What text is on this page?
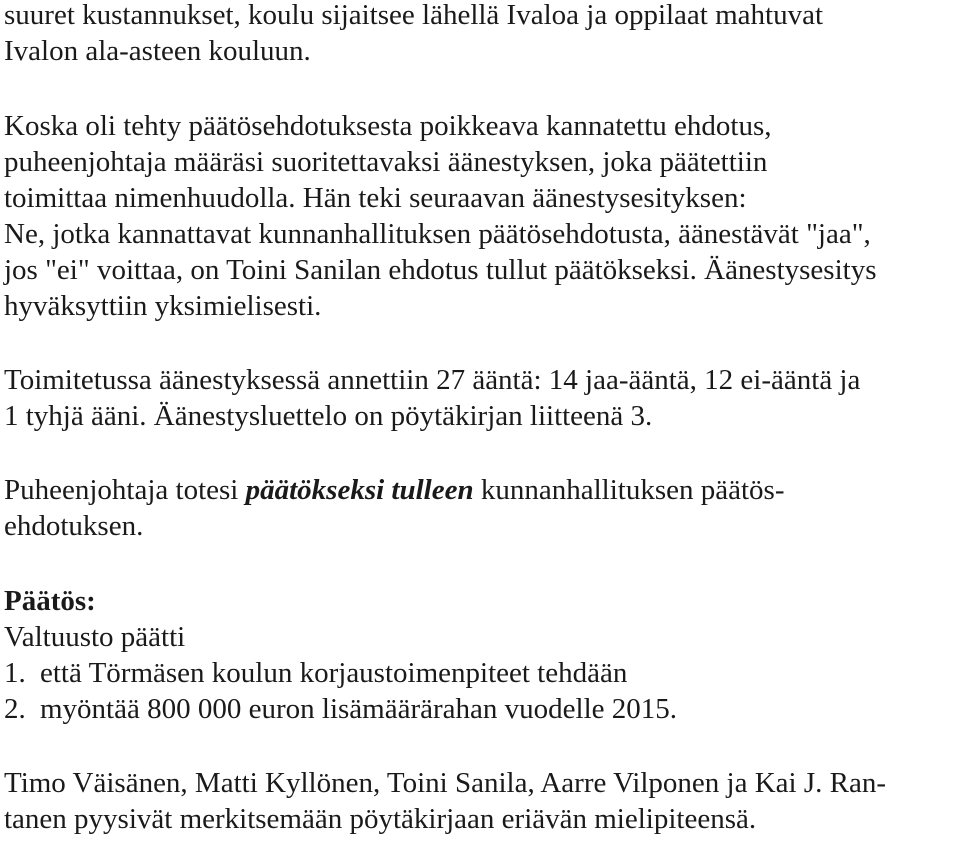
suuret kustannukset, koulu sijaitsee lähellä Ivaloa ja oppilaat mahtuvat
Ivalon ala-asteen kouluun.
Koska oli tehty päätösehdotuksesta poikkeava kannatettu ehdotus,
puheenjohtaja määräsi suoritettavaksi äänestyksen, joka päätettiin
toimittaa nimenhuudolla. Hän teki seuraavan äänestysesityksen:
Ne, jotka kannattavat kunnanhallituksen päätösehdotusta, äänestävät "jaa",
jos "ei" voittaa, on Toini Sanilan ehdotus tullut päätökseksi. Äänestysesitys
hyväksyttiin yksimielisesti.
Toimitetussa äänestyksessä annettiin 27 ääntä: 14 jaa-ääntä, 12 ei-ääntä ja
1 tyhjä ääni. Äänestysluettelo on pöytäkirjan liitteenä 3.
Puheenjohtaja totesi päätökseksi tulleen kunnanhallituksen päätös-
ehdotuksen.
Päätös:
Valtuusto päätti
1. että Törmäsen koulun korjaustoimenpiteet tehdään
2. myöntää 800 000 euron lisämäärärahan vuodelle 2015.
Timo Väisänen, Matti Kyllönen, Toini Sanila, Aarre Vilponen ja Kai J. Ran-
tanen pyysivät merkitsemään pöytäkirjaan eriävän mielipiteensä.
